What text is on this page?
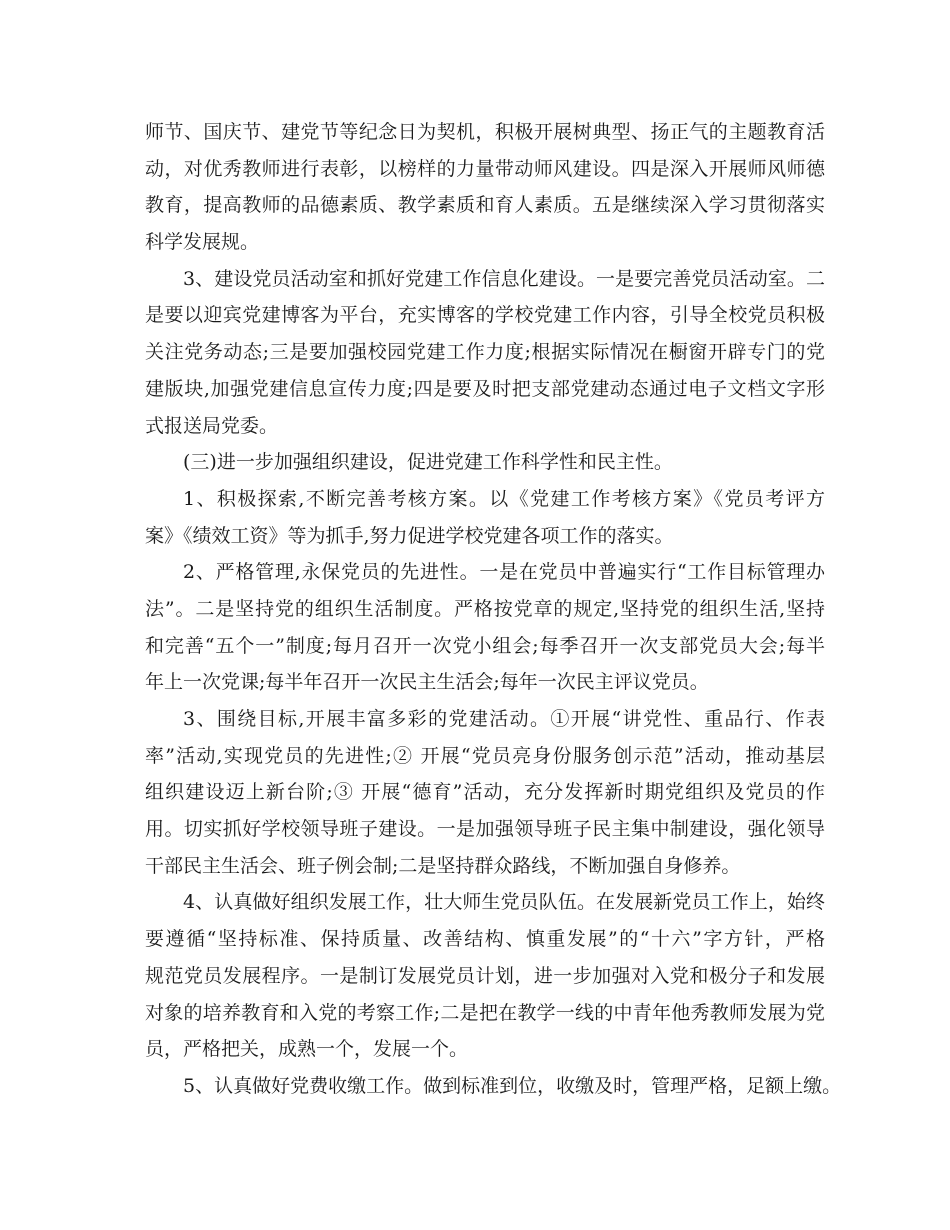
师节、国庆节、建党节等纪念日为契机，积极开展树典型、扬正气的主题教育活
动，对优秀教师进行表彰，以榜样的力量带动师风建设。四是深入开展师风师德
教育，提高教师的品德素质、教学素质和育人素质。五是继续深入学习贯彻落实
科学发展规。
3、建设党员活动室和抓好党建工作信息化建设。一是要完善党员活动室。二
是要以迎宾党建博客为平台，充实博客的学校党建工作内容，引导全校党员积极
关注党务动态;三是要加强校园党建工作力度;根据实际情况在橱窗开辟专门的党
建版块,加强党建信息宣传力度;四是要及时把支部党建动态通过电子文档文字形
式报送局党委。
(三)进一步加强组织建设，促进党建工作科学性和民主性。
1、积极探索,不断完善考核方案。以《党建工作考核方案》《党员考评方
案》《绩效工资》等为抓手,努力促进学校党建各项工作的落实。
2、严格管理,永保党员的先进性。一是在党员中普遍实行“工作目标管理办
法”。二是坚持党的组织生活制度。严格按党章的规定,坚持党的组织生活,坚持
和完善“五个一”制度;每月召开一次党小组会;每季召开一次支部党员大会;每半
年上一次党课;每半年召开一次民主生活会;每年一次民主评议党员。
3、围绕目标,开展丰富多彩的党建活动。①开展“讲党性、重品行、作表
率”活动,实现党员的先进性;② 开展“党员亮身份服务创示范”活动，推动基层
组织建设迈上新台阶;③ 开展“德育”活动，充分发挥新时期党组织及党员的作
用。切实抓好学校领导班子建设。一是加强领导班子民主集中制建设，强化领导
干部民主生活会、班子例会制;二是坚持群众路线，不断加强自身修养。
4、认真做好组织发展工作，壮大师生党员队伍。在发展新党员工作上，始终
要遵循“坚持标准、保持质量、改善结构、慎重发展”的“十六”字方针，严格
规范党员发展程序。一是制订发展党员计划，进一步加强对入党和极分子和发展
对象的培养教育和入党的考察工作;二是把在教学一线的中青年他秀教师发展为党
员，严格把关，成熟一个，发展一个。
5、认真做好党费收缴工作。做到标准到位，收缴及时，管理严格，足额上缴。
